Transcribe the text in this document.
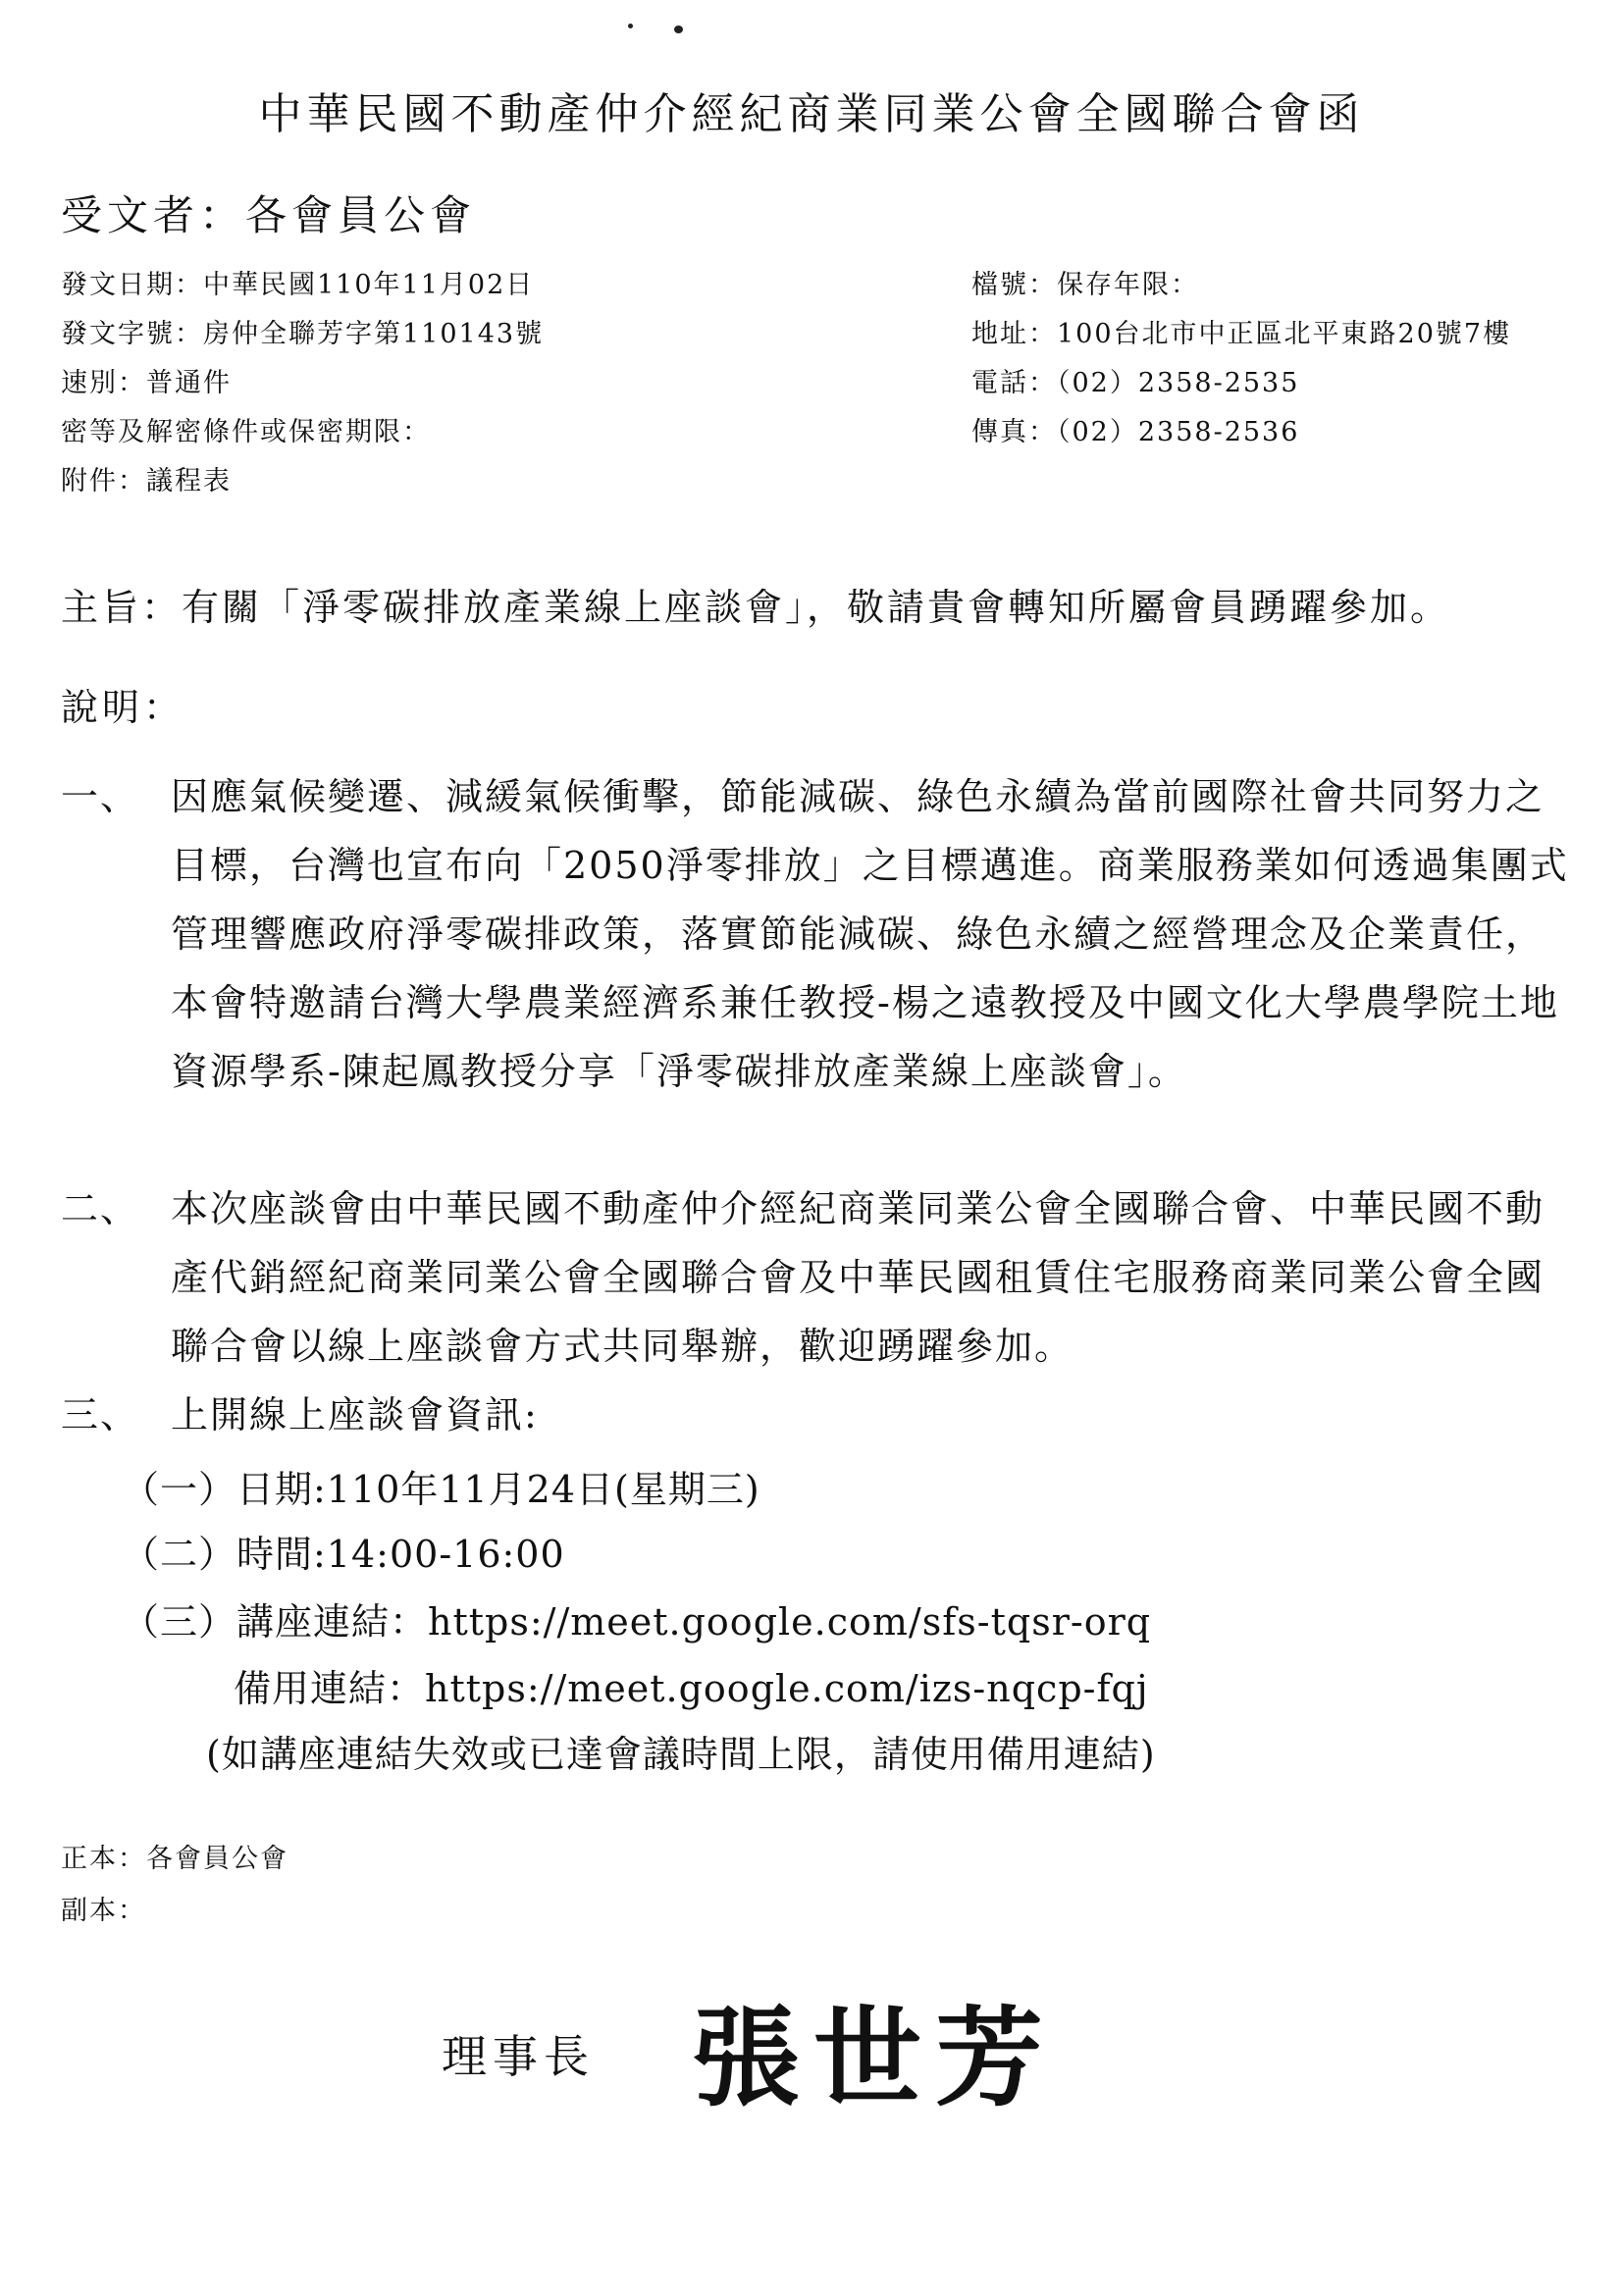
中華民國不動產仲介經紀商業同業公會全國聯合會函
受文者：各會員公會
發文日期：中華民國110年11月02日
發文字號：房仲全聯芳字第110143號
速別：普通件
密等及解密條件或保密期限：
附件：議程表
檔號：保存年限：
地址：100台北市中正區北平東路20號7樓
電話：（02）2358-2535
傳真：（02）2358-2536
主旨：有關「淨零碳排放產業線上座談會」，敬請貴會轉知所屬會員踴躍參加。
說明：
一、 因應氣候變遷、減緩氣候衝擊，節能減碳、綠色永續為當前國際社會共同努力之目標，台灣也宣布向「2050淨零排放」之目標邁進。商業服務業如何透過集團式管理響應政府淨零碳排政策，落實節能減碳、綠色永續之經營理念及企業責任，本會特邀請台灣大學農業經濟系兼任教授-楊之遠教授及中國文化大學農學院土地資源學系-陳起鳳教授分享「淨零碳排放產業線上座談會」。
二、 本次座談會由中華民國不動產仲介經紀商業同業公會全國聯合會、中華民國不動產代銷經紀商業同業公會全國聯合會及中華民國租賃住宅服務商業同業公會全國聯合會以線上座談會方式共同舉辦，歡迎踴躍參加。
三、 上開線上座談會資訊:
（一）日期:110年11月24日(星期三)
（二）時間:14:00-16:00
（三）講座連結：https://meet.google.com/sfs-tqsr-orq
備用連結：https://meet.google.com/izs-nqcp-fqj
(如講座連結失效或已達會議時間上限，請使用備用連結)
正本：各會員公會
副本：
理事長 張世芳
